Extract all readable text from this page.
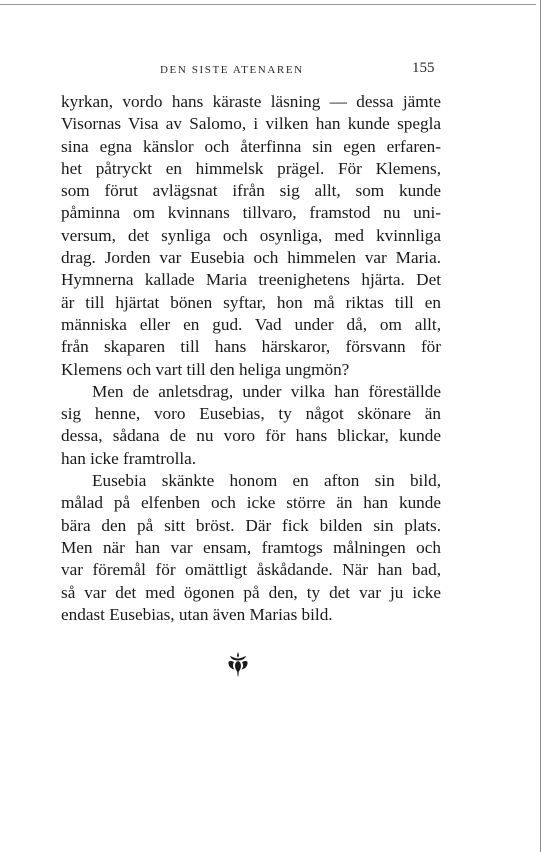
DEN SISTE ATENAREN	155
kyrkan, vordo hans käraste läsning — dessa jämte
Visornas Visa av Salomo, i vilken han kunde spegla
sina egna känslor och återfinna sin egen erfaren-
het påtryckt en himmelsk prägel. För Klemens,
som förut avlägsnat ifrån sig allt, som kunde
påminna om kvinnans tillvaro, framstod nu uni-
versum, det synliga och osynliga, med kvinnliga
drag. Jorden var Eusebia och himmelen var Maria.
Hymnerna kallade Maria treenighetens hjärta. Det
är till hjärtat bönen syftar, hon må riktas till en
människa eller en gud. Vad under då, om allt,
från skaparen till hans härskaror, försvann för
Klemens och vart till den heliga ungmön?
Men de anletsdrag, under vilka han föreställde
sig henne, voro Eusebias, ty något skönare än
dessa, sådana de nu voro för hans blickar, kunde
han icke framtrolla.
Eusebia skänkte honom en afton sin bild,
målad på elfenben och icke större än han kunde
bära den på sitt bröst. Där fick bilden sin plats.
Men när han var ensam, framtogs målningen och
var föremål för omättligt åskådande. När han bad,
så var det med ögonen på den, ty det var ju icke
endast Eusebias, utan även Marias bild.
